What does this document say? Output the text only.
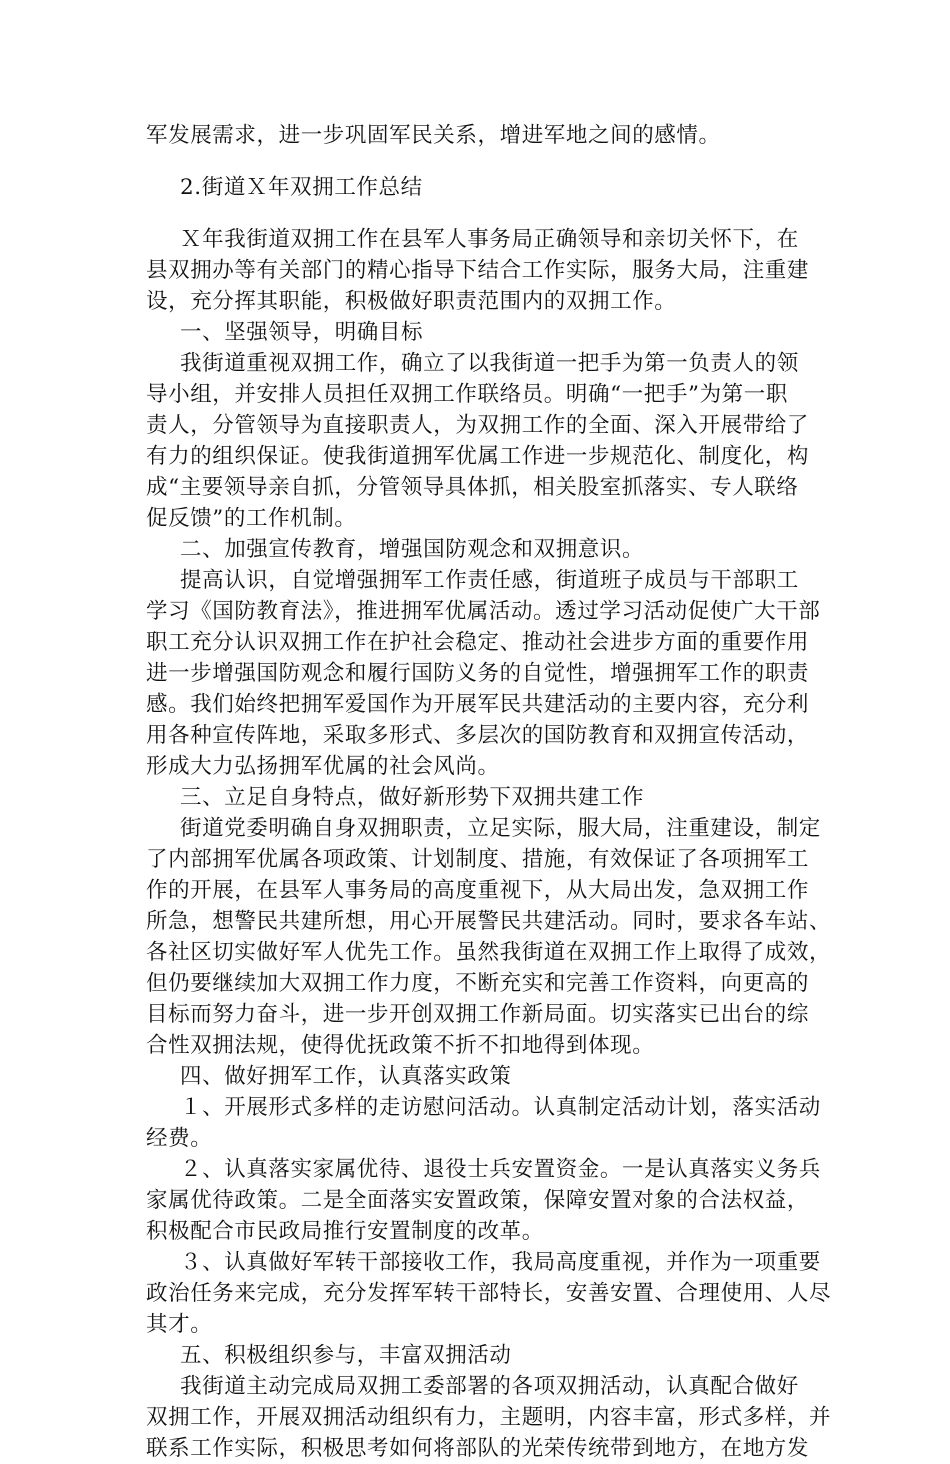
军发展需求，进一步巩固军民关系，增进军地之间的感情。
2.街道Ｘ年双拥工作总结
Ｘ年我街道双拥工作在县军人事务局正确领导和亲切关怀下，在
县双拥办等有关部门的精心指导下结合工作实际，服务大局，注重建
设，充分挥其职能，积极做好职责范围内的双拥工作。
一、坚强领导，明确目标
我街道重视双拥工作，确立了以我街道一把手为第一负责人的领
导小组，并安排人员担任双拥工作联络员。明确“一把手”为第一职
责人，分管领导为直接职责人，为双拥工作的全面、深入开展带给了
有力的组织保证。使我街道拥军优属工作进一步规范化、制度化，构
成“主要领导亲自抓，分管领导具体抓，相关股室抓落实、专人联络
促反馈”的工作机制。
二、加强宣传教育，增强国防观念和双拥意识。
提高认识，自觉增强拥军工作责任感，街道班子成员与干部职工
学习《国防教育法》，推进拥军优属活动。透过学习活动促使广大干部
职工充分认识双拥工作在护社会稳定、推动社会进步方面的重要作用
进一步增强国防观念和履行国防义务的自觉性，增强拥军工作的职责
感。我们始终把拥军爱国作为开展军民共建活动的主要内容，充分利
用各种宣传阵地，采取多形式、多层次的国防教育和双拥宣传活动，
形成大力弘扬拥军优属的社会风尚。
三、立足自身特点，做好新形势下双拥共建工作
街道党委明确自身双拥职责，立足实际，服大局，注重建设，制定
了内部拥军优属各项政策、计划制度、措施，有效保证了各项拥军工
作的开展，在县军人事务局的高度重视下，从大局出发，急双拥工作
所急，想警民共建所想，用心开展警民共建活动。同时，要求各车站、
各社区切实做好军人优先工作。虽然我街道在双拥工作上取得了成效，
但仍要继续加大双拥工作力度，不断充实和完善工作资料，向更高的
目标而努力奋斗，进一步开创双拥工作新局面。切实落实已出台的综
合性双拥法规，使得优抚政策不折不扣地得到体现。
四、做好拥军工作，认真落实政策
１、开展形式多样的走访慰问活动。认真制定活动计划，落实活动
经费。
２、认真落实家属优待、退役士兵安置资金。一是认真落实义务兵
家属优待政策。二是全面落实安置政策，保障安置对象的合法权益，
积极配合市民政局推行安置制度的改革。
３、认真做好军转干部接收工作，我局高度重视，并作为一项重要
政治任务来完成，充分发挥军转干部特长，安善安置、合理使用、人尽
其才。
五、积极组织参与，丰富双拥活动
我街道主动完成局双拥工委部署的各项双拥活动，认真配合做好
双拥工作，开展双拥活动组织有力，主题明，内容丰富，形式多样，并
联系工作实际，积极思考如何将部队的光荣传统带到地方，在地方发
